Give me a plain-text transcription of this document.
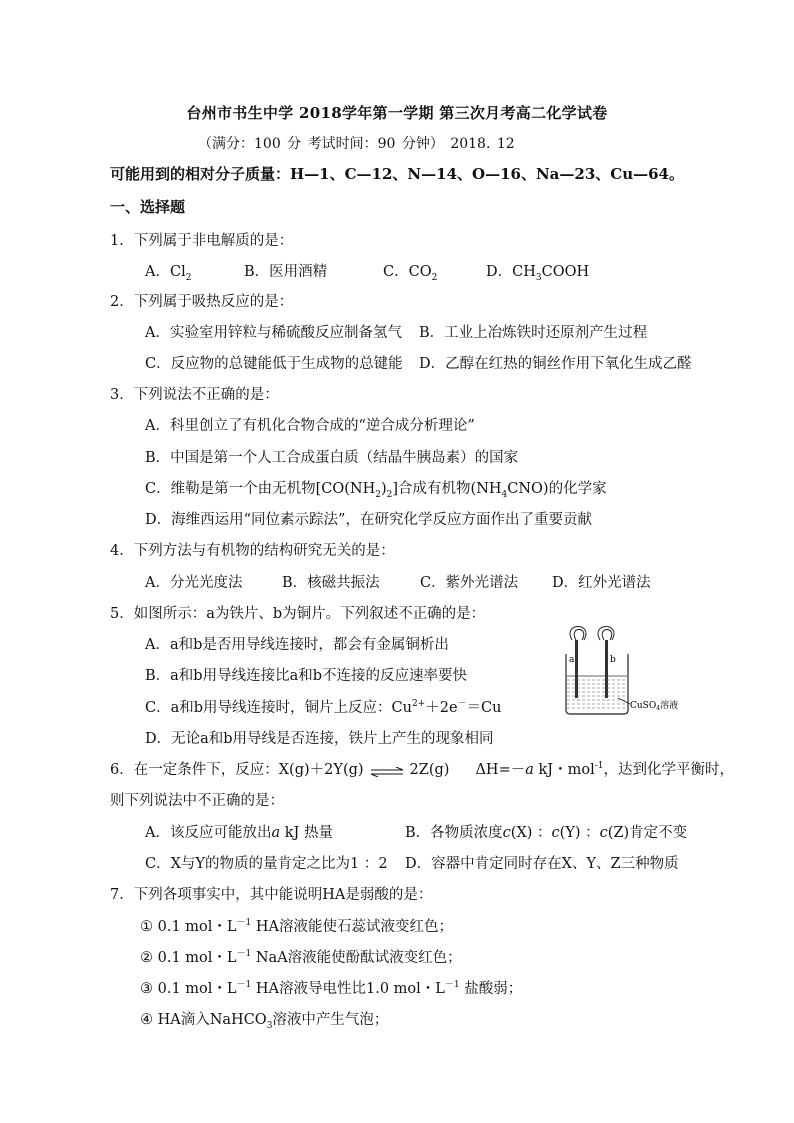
台州市书生中学 2018学年第一学期 第三次月考高二化学试卷
（满分：100 分 考试时间：90 分钟） 2018. 12
可能用到的相对分子质量：H—1、C—12、N—14、O—16、Na—23、Cu—64。
一、选择题
1．下列属于非电解质的是：
A．$Cl_2$	B．医用酒精	C．$CO_2$	D．$CH_3COOH$
2．下列属于吸热反应的是：
A．实验室用锌粒与稀硫酸反应制备氢气 B．工业上冶炼铁时还原剂产生过程
C．反应物的总键能低于生成物的总键能 D．乙醇在红热的铜丝作用下氧化生成乙醛
3．下列说法不正确的是：
A．科里创立了有机化合物合成的“逆合成分析理论”
B．中国是第一个人工合成蛋白质（结晶牛胰岛素）的国家
C．维勒是第一个由无机物$[CO(NH_2)_2]$合成有机物$(NH_4CNO)$的化学家
D．海维西运用“同位素示踪法”，在研究化学反应方面作出了重要贡献
4．下列方法与有机物的结构研究无关的是：
A．分光光度法	B．核磁共振法	C．紫外光谱法 D．红外光谱法
5．如图所示：a为铁片、b为铜片。下列叙述不正确的是：
A．a和b是否用导线连接时，都会有金属铜析出
B．a和b用导线连接比a和b不连接的反应速率要快
C．a和b用导线连接时，铜片上反应：$Cu^{2+}+2e^-=Cu$
D．无论a和b用导线是否连接，铁片上产生的现象相同
a	b
CuSO$_4$溶液
6．在一定条件下，反应：X(g)＋2Y(g) ⇌ 2Z(g) ΔH=－a kJ・mol$^{-1}$，达到化学平衡时，
则下列说法中不正确的是：
A．该反应可能放出a kJ 热量	B．各物质浓度c(X) ：c(Y) ：c(Z)肯定不变
C．X与Y的物质的量肯定之比为1 ：2 D．容器中肯定同时存在X、Y、Z三种物质
7．下列各项事实中，其中能说明HA是弱酸的是：
① 0.1 mol・$L^{-1}$ HA溶液能使石蕊试液变红色；
② 0.1 mol・$L^{-1}$ NaA溶液能使酚酞试液变红色；
③ 0.1 mol・$L^{-1}$ HA溶液导电性比1.0 mol・$L^{-1}$ 盐酸弱；
④ HA滴入NaHCO$_3$溶液中产生气泡；
